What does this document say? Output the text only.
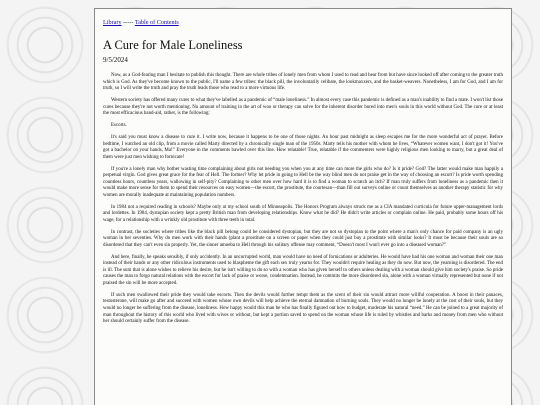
Library ----- Table of Contents
A Cure for Male Loneliness
9/5/2024

Now, as a God-fearing man I hesitate to publish this thought. There are whole tribes of lonely men from whom I used to read and hear from but have since looked off after coming to the greater truth which is God. As they've become known to the public, I'll name a few tribes: the black pill, the involuntarily celibate, the lookmaxxers, and the basket-weavers. Nonetheless, I am for God, and I am for truth, so I will write the truth and pray the truth leads those who read to a more virtuous life.

Western society has offered many cures to what they've labelled as a pandemic of “male loneliness.” In almost every case this pandemic is defined as a man's inability to find a mate. I won't list those cures because they're not worth mentioning. No amount of training in the art of woo or therapy can solve for the inherent disorder bored into men's souls in this world without God. The cure or at least the most efficacious band-aid, rather, is the following:

Escorts.

It's said you must know a disease to cure it. I write now, because it happens to be one of those nights. An hour past midnight as sleep escapes me for the more wonderful act of prayer. Before bedtime, I watched an old clip, from a movie called Marty directed by a chronically single man of the 1950s. Marty tells his mother with whom he lives, “Whatever women want, I don't got it! You've got a bachelor on your hands, Ma!” Everyone in the comments bawled over this line. How relatable! True, relatable if the commenters were highly religious men looking to marry, but a great deal of them were just men wishing to fornicate!

If you're a lonely man why bother wasting time complaining about girls not needing you when you at any time can more the girls who do? Is it pride? God? The latter would make man happily a perpetual virgin. God gives great grace for the fear of Hell. The former? Why let pride in going to Hell be the way blind men do not praise get in the way of choosing an escort? Is pride worth spending countless hours, countless years, wallowing in self-pity? Complaining to other men over how hard it is to find a woman to scratch an itch? If man truly suffers from loneliness as a pandemic then it would make more sense for them to spend their resources on easy women—the escort, the prostitute, the courtesan—than fill out surveys online or count themselves as another therapy statistic for why women are morally inadequate at maintaining population numbers.

In 1984 not a required reading in schools? Maybe only at my school south of Minneapolis. The Honors Program always struck me as a CIA mandated curricula for future upper-management lords and lordettes. In 1984, dystopian society kept a pretty British man from developing relationships. Know what he did? He didn't write articles or complain online. He paid, probably some hours off his wage, for a relationship with a wrinkly old prostitute with three teeth in total.

In contrast, the societies where tribes like the black pill belong could be considered dystopian, but they are not so dystopian to the point where a man's only chance for paid company is an ugly woman in her seventies. Why do men work with their hands (plant a prostitute on a screen or paper when they could just buy a prostitute with similar looks? It must be because their souls are so disordered that they can't even sin properly. Yet, the sinner amoeba to Hell through his solitary offense may comment, “Doesn't most I won't ever go into a diseased woman?”

And here, finally, he speaks sensibly, if only accidently. In an uncorrupted world, man would have no need of fornications or adulteries. He would have had his one woman and woman their one man instead of their hands or any other ridiculous instruments used to blaspheme the gift each sex truly yearns for. They wouldn't require healing as they do now. But now, the yearning is disordered. The end is ill. The sum that is alone wishes to relieve his desire, but he isn't willing to do so with a woman who has given herself to others unless dealing with a woman should give him society's praise. So pride causes the man to forgo natural relations with the escort for lack of praise or worse, condemnation. Instead, he commits the more disordered sin, alone with a woman virtually represented but none if not praised the sin will be more accepted.

If such men swallowed their pride they would take escorts. Then the devils would further tempt them as the scent of their sin would attract more willful cooperation. A boost in their panaces, testosterone, will make go after and succeed with women whose own devils will help achieve the eternal damnation of burning souls. They would no longer be lonely at the cost of their souls, but they would no longer be suffering from the disease, loneliness. How happy would this man be who has finally figured out how to budget, moderate his natural “need.” He can be joined to a great majority of man throughout the history of this world who lived with wives or without, but kept a portion saved to spend on the woman whose life is ruled by whistles and barks and money from men who without her should certainly suffer from the disease.
